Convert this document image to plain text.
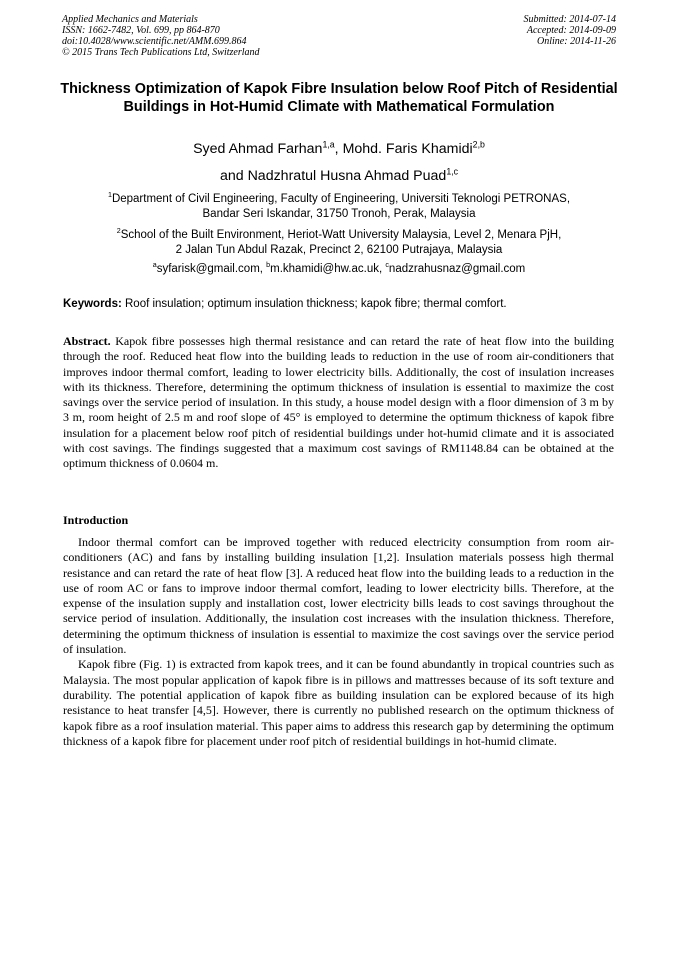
Applied Mechanics and Materials
ISSN: 1662-7482, Vol. 699, pp 864-870
doi:10.4028/www.scientific.net/AMM.699.864
© 2015 Trans Tech Publications Ltd, Switzerland
Submitted: 2014-07-14
Accepted: 2014-09-09
Online: 2014-11-26
Thickness Optimization of Kapok Fibre Insulation below Roof Pitch of Residential Buildings in Hot-Humid Climate with Mathematical Formulation
Syed Ahmad Farhan$^{1,a}$, Mohd. Faris Khamidi$^{2,b}$
and Nadzhratul Husna Ahmad Puad$^{1,c}$
$^1$Department of Civil Engineering, Faculty of Engineering, Universiti Teknologi PETRONAS,
Bandar Seri Iskandar, 31750 Tronoh, Perak, Malaysia
$^2$School of the Built Environment, Heriot-Watt University Malaysia, Level 2, Menara PjH,
2 Jalan Tun Abdul Razak, Precinct 2, 62100 Putrajaya, Malaysia
$^a$syfarisk@gmail.com, $^b$m.khamidi@hw.ac.uk, $^c$nadzrahusnaz@gmail.com
Keywords: Roof insulation; optimum insulation thickness; kapok fibre; thermal comfort.
Abstract. Kapok fibre possesses high thermal resistance and can retard the rate of heat flow into the building through the roof. Reduced heat flow into the building leads to reduction in the use of room air-conditioners that improves indoor thermal comfort, leading to lower electricity bills. Additionally, the cost of insulation increases with its thickness. Therefore, determining the optimum thickness of insulation is essential to maximize the cost savings over the service period of insulation. In this study, a house model design with a floor dimension of 3 m by 3 m, room height of 2.5 m and roof slope of 45° is employed to determine the optimum thickness of kapok fibre insulation for a placement below roof pitch of residential buildings under hot-humid climate and it is associated with cost savings. The findings suggested that a maximum cost savings of RM1148.84 can be obtained at the optimum thickness of 0.0604 m.
Introduction

Indoor thermal comfort can be improved together with reduced electricity consumption from room air-conditioners (AC) and fans by installing building insulation [1,2]. Insulation materials possess high thermal resistance and can retard the rate of heat flow [3]. A reduced heat flow into the building leads to a reduction in the use of room AC or fans to improve indoor thermal comfort, leading to lower electricity bills. Therefore, at the expense of the insulation supply and installation cost, lower electricity bills leads to cost savings throughout the service period of insulation. Additionally, the insulation cost increases with the insulation thickness. Therefore, determining the optimum thickness of insulation is essential to maximize the cost savings over the service period of insulation.

Kapok fibre (Fig. 1) is extracted from kapok trees, and it can be found abundantly in tropical countries such as Malaysia. The most popular application of kapok fibre is in pillows and mattresses because of its soft texture and durability. The potential application of kapok fibre as building insulation can be explored because of its high resistance to heat transfer [4,5]. However, there is currently no published research on the optimum thickness of kapok fibre as a roof insulation material. This paper aims to address this research gap by determining the optimum thickness of a kapok fibre for placement under roof pitch of residential buildings in hot-humid climate.
